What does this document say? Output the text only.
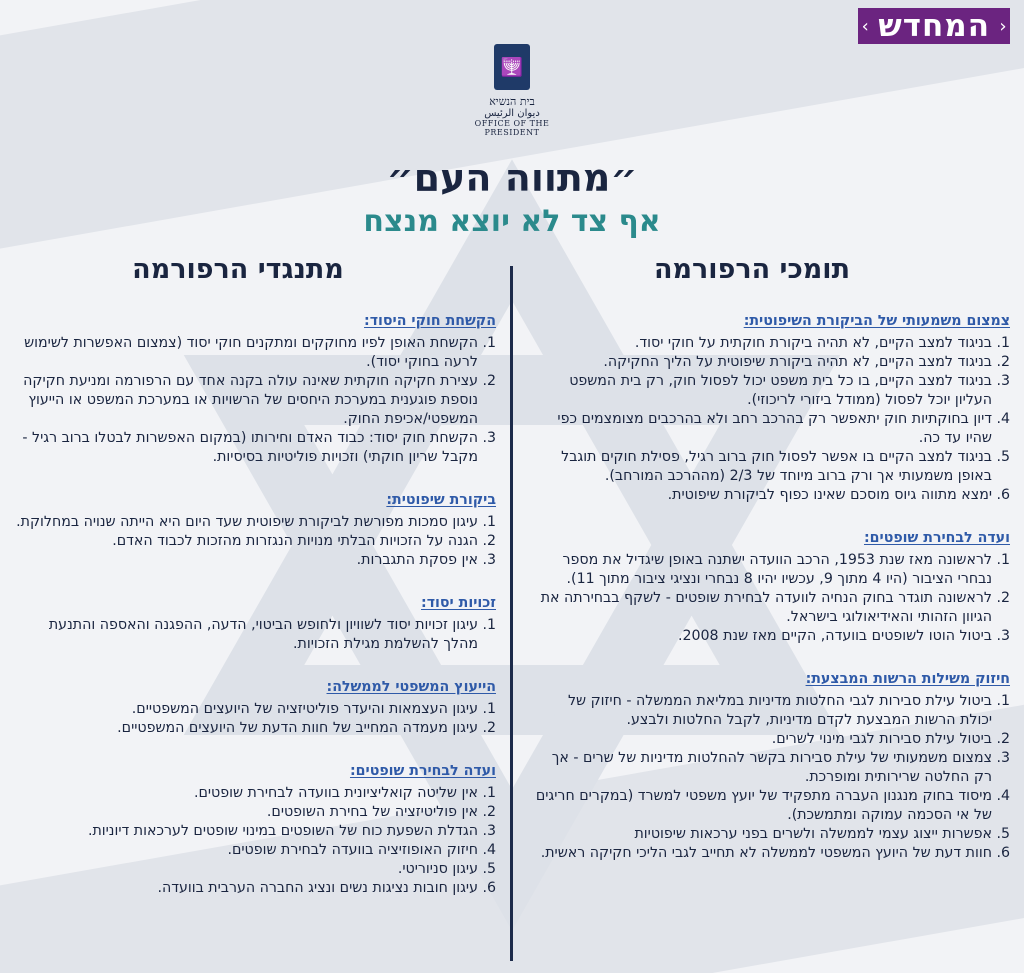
‹ המחדש ›
🕎
בית הנשיא
ديوان الرئيس
OFFICE OF THE PRESIDENT
״מתווה העם״
אף צד לא יוצא מנצח
תומכי הרפורמה
מתנגדי הרפורמה
צמצום משמעותי של הביקורת השיפוטית:
1. בניגוד למצב הקיים, לא תהיה ביקורת חוקתית על חוקי יסוד.
2. בניגוד למצב הקיים, לא תהיה ביקורת שיפוטית על הליך החקיקה.
3. בניגוד למצב הקיים, בו כל בית משפט יכול לפסול חוק, רק בית המשפט העליון יוכל לפסול (ממודל ביזורי לריכוזי).
4. דיון בחוקתיות חוק יתאפשר רק בהרכב רחב ולא בהרכבים מצומצמים כפי שהיו עד כה.
5. בניגוד למצב הקיים בו אפשר לפסול חוק ברוב רגיל, פסילת חוקים תוגבל באופן משמעותי אך ורק ברוב מיוחד של 2/3 (מההרכב המורחב).
6. ימצא מתווה גיוס מוסכם שאינו כפוף לביקורת שיפוטית.
ועדה לבחירת שופטים:
1. לראשונה מאז שנת 1953, הרכב הוועדה ישתנה באופן שיגדיל את מספר נבחרי הציבור (היו 4 מתוך 9, עכשיו יהיו 8 נבחרי ונציגי ציבור מתוך 11).
2. לראשונה תוגדר בחוק הנחיה לוועדה לבחירת שופטים - לשקף בבחירתה את הגיוון הזהותי והאידיאולוגי בישראל.
3. ביטול הוטו לשופטים בוועדה, הקיים מאז שנת 2008.
חיזוק משילות הרשות המבצעת:
1. ביטול עילת סבירות לגבי החלטות מדיניות במליאת הממשלה - חיזוק של יכולת הרשות המבצעת לקדם מדיניות, לקבל החלטות ולבצע.
2. ביטול עילת סבירות לגבי מינוי לשרים.
3. צמצום משמעותי של עילת סבירות בקשר להחלטות מדיניות של שרים - אך רק החלטה שרירותית ומופרכת.
4. מיסוד בחוק מנגנון העברה מתפקיד של יועץ משפטי למשרד (במקרים חריגים של אי הסכמה עמוקה ומתמשכת).
5. אפשרות ייצוג עצמי לממשלה ולשרים בפני ערכאות שיפוטיות
6. חוות דעת של היועץ המשפטי לממשלה לא תחייב לגבי הליכי חקיקה ראשית.
הקשחת חוקי היסוד:
1. הקשחת האופן לפיו מחוקקים ומתקנים חוקי יסוד (צמצום האפשרות לשימוש לרעה בחוקי יסוד).
2. עצירת חקיקה חוקתית שאינה עולה בקנה אחד עם הרפורמה ומניעת חקיקה נוספת פוגענית במערכת היחסים של הרשויות או במערכת המשפט או הייעוץ המשפטי/אכיפת החוק.
3. הקשחת חוק יסוד: כבוד האדם וחירותו (במקום האפשרות לבטלו ברוב רגיל - מקבל שריון חוקתי) וזכויות פוליטיות בסיסיות.
ביקורת שיפוטית:
1. עיגון סמכות מפורשת לביקורת שיפוטית שעד היום היא הייתה שנויה במחלוקת.
2. הגנה על הזכויות הבלתי מנויות הנגזרות מהזכות לכבוד האדם.
3. אין פסקת התגברות.
זכויות יסוד:
1. עיגון זכויות יסוד לשוויון ולחופש הביטוי, הדעה, ההפגנה והאספה והתנעת מהלך להשלמת מגילת הזכויות.
הייעוץ המשפטי לממשלה:
1. עיגון העצמאות והיעדר פוליטיזציה של היועצים המשפטיים.
2. עיגון מעמדה המחייב של חוות הדעת של היועצים המשפטיים.
ועדה לבחירת שופטים:
1. אין שליטה קואליציונית בוועדה לבחירת שופטים.
2. אין פוליטיזציה של בחירת השופטים.
3. הגדלת השפעת כוח של השופטים במינוי שופטים לערכאות דיוניות.
4. חיזוק האופוזיציה בוועדה לבחירת שופטים.
5. עיגון סניוריטי.
6. עיגון חובות נציגות נשים ונציג החברה הערבית בוועדה.
